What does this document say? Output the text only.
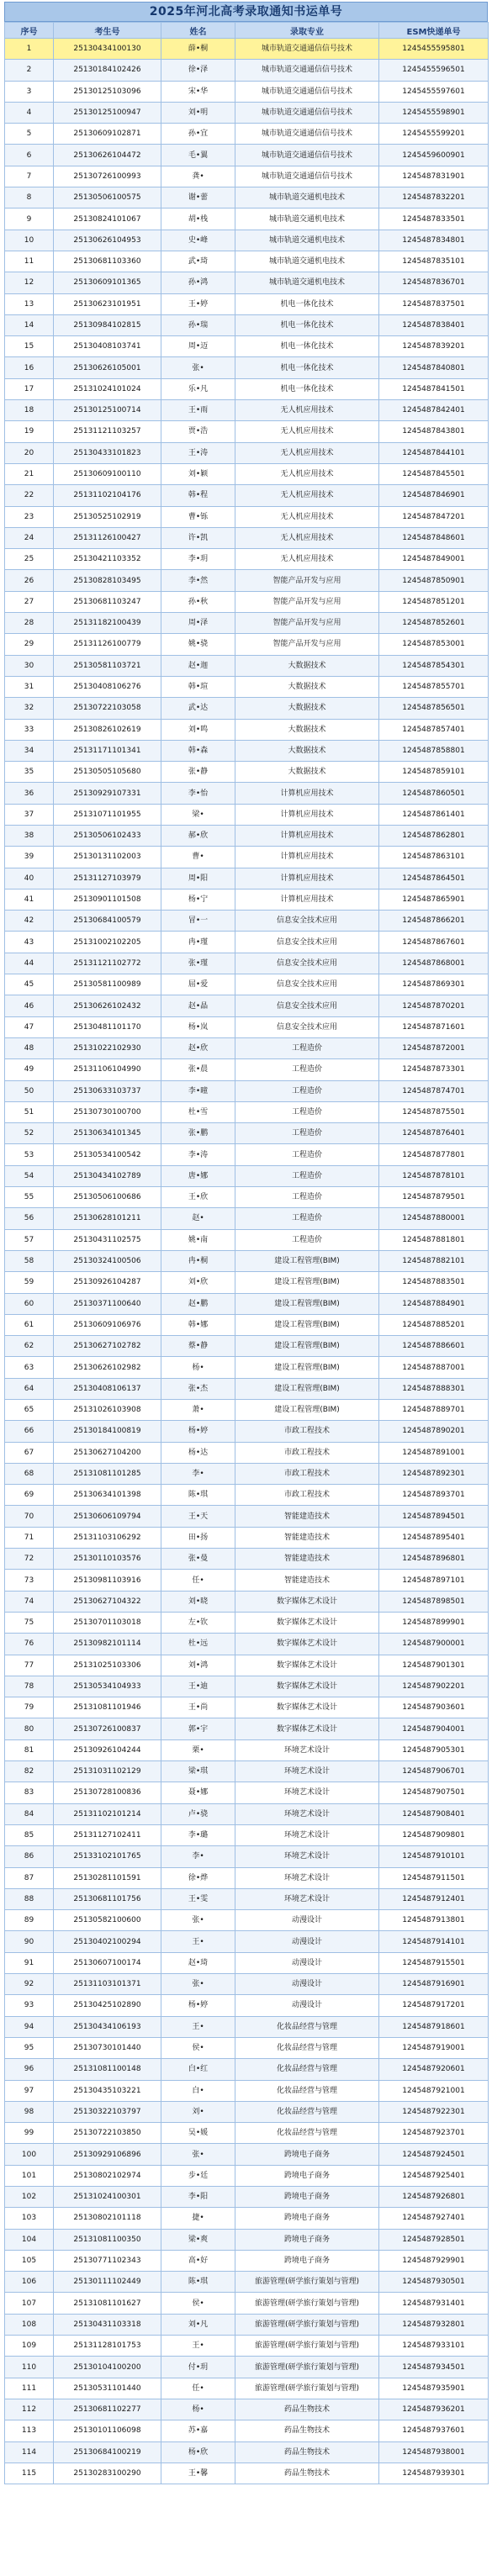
2025年河北高考录取通知书运单号
序号	考生号	姓名	录取专业	ESM快递单号
1	25130434100130	薛•桐	城市轨道交通通信信号技术	1245455595801
2	25130184102426	徐•泽	城市轨道交通通信信号技术	1245455596501
3	25130125103096	宋•华	城市轨道交通通信信号技术	1245455597601
4	25130125100947	刘•明	城市轨道交通通信信号技术	1245455598901
5	25130609102871	孙•宜	城市轨道交通通信信号技术	1245455599201
6	25130626104472	毛•翼	城市轨道交通通信信号技术	1245459600901
7	25130726100993	龚•	城市轨道交通通信信号技术	1245487831901
8	25130506100575	谢•蕾	城市轨道交通机电技术	1245487832201
9	25130824101067	胡•栈	城市轨道交通机电技术	1245487833501
10	25130626104953	史•峰	城市轨道交通机电技术	1245487834801
11	25130681103360	武•琦	城市轨道交通机电技术	1245487835101
12	25130609101365	孙•鸿	城市轨道交通机电技术	1245487836701
13	25130623101951	王•婷	机电一体化技术	1245487837501
14	25130984102815	孙•瑞	机电一体化技术	1245487838401
15	25130408103741	周•迈	机电一体化技术	1245487839201
16	25130626105001	张•	机电一体化技术	1245487840801
17	25131024101024	乐•凡	机电一体化技术	1245487841501
18	25130125100714	王•雨	无人机应用技术	1245487842401
19	25131121103257	贾•浩	无人机应用技术	1245487843801
20	25130433101823	王•涛	无人机应用技术	1245487844101
21	25130609100110	刘•颖	无人机应用技术	1245487845501
22	25131102104176	韩•程	无人机应用技术	1245487846901
23	25130525102919	曹•铄	无人机应用技术	1245487847201
24	25131126100427	许•凯	无人机应用技术	1245487848601
25	25130421103352	李•玥	无人机应用技术	1245487849001
26	25130828103495	李•然	智能产品开发与应用	1245487850901
27	25130681103247	孙•秋	智能产品开发与应用	1245487851201
28	25131182100439	周•泽	智能产品开发与应用	1245487852601
29	25131126100779	姚•骁	智能产品开发与应用	1245487853001
30	25130581103721	赵•迦	大数据技术	1245487854301
31	25130408106276	韩•瑄	大数据技术	1245487855701
32	25130722103058	武•达	大数据技术	1245487856501
33	25130826102619	刘•鸣	大数据技术	1245487857401
34	25131171101341	韩•森	大数据技术	1245487858801
35	25130505105680	张•静	大数据技术	1245487859101
36	25130929107331	李•怡	计算机应用技术	1245487860501
37	25131071101955	梁•	计算机应用技术	1245487861401
38	25130506102433	郝•欣	计算机应用技术	1245487862801
39	25130131102003	曹•	计算机应用技术	1245487863101
40	25131127103979	周•阳	计算机应用技术	1245487864501
41	25130901101508	杨•宁	计算机应用技术	1245487865901
42	25130684100579	冒•一	信息安全技术应用	1245487866201
43	25131002102205	冉•瑾	信息安全技术应用	1245487867601
44	25131121102772	张•瑾	信息安全技术应用	1245487868001
45	25130581100989	屈•爱	信息安全技术应用	1245487869301
46	25130626102432	赵•晶	信息安全技术应用	1245487870201
47	25130481101170	杨•岚	信息安全技术应用	1245487871601
48	25131022102930	赵•欣	工程造价	1245487872001
49	25131106104990	张•晨	工程造价	1245487873301
50	25130633103737	李•曈	工程造价	1245487874701
51	25130730100700	杜•雪	工程造价	1245487875501
52	25130634101345	张•鹏	工程造价	1245487876401
53	25130534100542	李•涛	工程造价	1245487877801
54	25130434102789	唐•娜	工程造价	1245487878101
55	25130506100686	王•欣	工程造价	1245487879501
56	25130628101211	赵•	工程造价	1245487880001
57	25130431102575	姚•南	工程造价	1245487881801
58	25130324100506	冉•桐	建设工程管理(BIM)	1245487882101
59	25130926104287	刘•欣	建设工程管理(BIM)	1245487883501
60	25130371100640	赵•鹏	建设工程管理(BIM)	1245487884901
61	25130609106976	韩•娜	建设工程管理(BIM)	1245487885201
62	25130627102782	蔡•静	建设工程管理(BIM)	1245487886601
63	25130626102982	杨•	建设工程管理(BIM)	1245487887001
64	25130408106137	张•杰	建设工程管理(BIM)	1245487888301
65	25131026103908	萧•	建设工程管理(BIM)	1245487889701
66	25130184100819	杨•婷	市政工程技术	1245487890201
67	25130627104200	杨•达	市政工程技术	1245487891001
68	25131081101285	李•	市政工程技术	1245487892301
69	25130634101398	陈•琪	市政工程技术	1245487893701
70	25130606109794	王•天	智能建造技术	1245487894501
71	25131103106292	田•扬	智能建造技术	1245487895401
72	25130110103576	张•曼	智能建造技术	1245487896801
73	25130981103916	任•	智能建造技术	1245487897101
74	25130627104322	刘•晓	数字媒体艺术设计	1245487898501
75	25130701103018	左•钦	数字媒体艺术设计	1245487899901
76	25130982101114	杜•远	数字媒体艺术设计	1245487900001
77	25131025103306	刘•鸿	数字媒体艺术设计	1245487901301
78	25130534104933	王•迪	数字媒体艺术设计	1245487902201
79	25131081101946	王•尚	数字媒体艺术设计	1245487903601
80	25130726100837	郭•宇	数字媒体艺术设计	1245487904001
81	25130926104244	栗•	环境艺术设计	1245487905301
82	25131031102129	梁•琪	环境艺术设计	1245487906701
83	25130728100836	聂•娜	环境艺术设计	1245487907501
84	25131102101214	卢•骁	环境艺术设计	1245487908401
85	25131127102411	李•璐	环境艺术设计	1245487909801
86	25133102101765	李•	环境艺术设计	1245487910101
87	25130281101591	徐•烨	环境艺术设计	1245487911501
88	25130681101756	王•雯	环境艺术设计	1245487912401
89	25130582100600	张•	动漫设计	1245487913801
90	25130402100294	王•	动漫设计	1245487914101
91	25130607100174	赵•琦	动漫设计	1245487915501
92	25131103101371	张•	动漫设计	1245487916901
93	25130425102890	杨•婷	动漫设计	1245487917201
94	25130434106193	王•	化妆品经营与管理	1245487918601
95	25130730101440	侯•	化妆品经营与管理	1245487919001
96	25131081100148	白•红	化妆品经营与管理	1245487920601
97	25130435103221	白•	化妆品经营与管理	1245487921001
98	25130322103797	刘•	化妆品经营与管理	1245487922301
99	25130722103850	吴•媛	化妆品经营与管理	1245487923701
100	25130929106896	张•	跨境电子商务	1245487924501
101	25130802102974	步•廷	跨境电子商务	1245487925401
102	25131024100301	李•阳	跨境电子商务	1245487926801
103	25130802101118	捷•	跨境电子商务	1245487927401
104	25131081100350	梁•爽	跨境电子商务	1245487928501
105	25130771102343	高•好	跨境电子商务	1245487929901
106	25130111102449	陈•琪	旅游管理(研学旅行策划与管理)	1245487930501
107	25131081101627	侯•	旅游管理(研学旅行策划与管理)	1245487931401
108	25130431103318	刘•凡	旅游管理(研学旅行策划与管理)	1245487932801
109	25131128101753	王•	旅游管理(研学旅行策划与管理)	1245487933101
110	25130104100200	付•玥	旅游管理(研学旅行策划与管理)	1245487934501
111	25130531101440	任•	旅游管理(研学旅行策划与管理)	1245487935901
112	25130681102277	杨•	药品生物技术	1245487936201
113	25130101106098	苏•嘉	药品生物技术	1245487937601
114	25130684100219	杨•欣	药品生物技术	1245487938001
115	25130283100290	王•馨	药品生物技术	1245487939301
